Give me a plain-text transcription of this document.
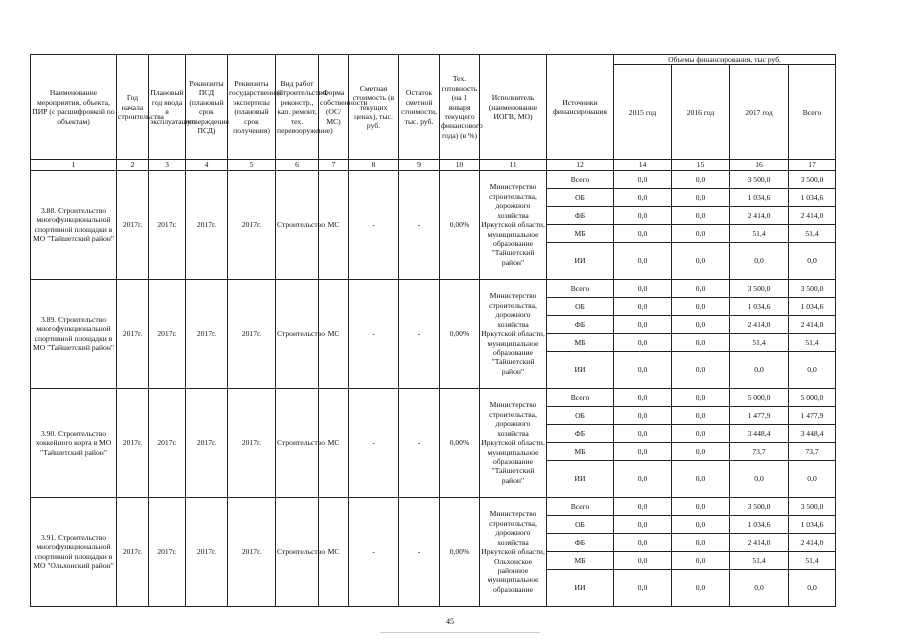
Наименование мероприятия, объекта, ПИР (с расшифровкой по объектам)	Год начала строительства	Плановый год ввода в эксплуатацию	Реквизиты ПСД (плановый срок утверждения ПСД)	Реквизиты государственной экспертизы (плановый срок получения)	Вид работ (строительство, реконстр., кап. ремонт, тех. перевооружение)	Форма собственности (ОС/МС)	Сметная стоимость (в текущих ценах), тыс. руб.	Остаток сметной стоимости, тыс. руб.	Тех. готовность (на 1 января текущего финансового года) (в %)	Исполнитель (наименование ИОГВ, МО)	Источники финансирования	Объемы финансирования, тыс руб.			
												2015 год	2016 год	2017 год	Всего
1	2	3	4	5	6	7	8	9	10	11	12	14	15	16	17
3.88. Строительство многофункциональной спортивной площадки в МО "Тайшетский район"	2017г.	2017г.	2017г.	2017г.	Строительство	МС	-	-	0,00%	Министерство строительства, дорожного хозяйства Иркутской области, муниципальное образование "Тайшетский район"	Всего	0,0	0,0	3 500,0	3 500,0
											ОБ	0,0	0,0	1 034,6	1 034,6
											ФБ	0,0	0,0	2 414,0	2 414,0
											МБ	0,0	0,0	51,4	51,4
											ИИ	0,0	0,0	0,0	0,0
3.89. Строительство многофункциональной спортивной площадки в МО "Тайшетский район"	2017г.	2017г.	2017г.	2017г.	Строительство	МС	-	-	0,00%	Министерство строительства, дорожного хозяйства Иркутской области, муниципальное образование "Тайшетский район"	Всего	0,0	0,0	3 500,0	3 500,0
											ОБ	0,0	0,0	1 034,6	1 034,6
											ФБ	0,0	0,0	2 414,0	2 414,0
											МБ	0,0	0,0	51,4	51,4
											ИИ	0,0	0,0	0,0	0,0
3.90. Строительство хоккейного корта в МО "Тайшетский район"	2017г.	2017г.	2017г.	2017г.	Строительство	МС	-	-	0,00%	Министерство строительства, дорожного хозяйства Иркутской области, муниципальное образование "Тайшетский район"	Всего	0,0	0,0	5 000,0	5 000,0
											ОБ	0,0	0,0	1 477,9	1 477,9
											ФБ	0,0	0,0	3 448,4	3 448,4
											МБ	0,0	0,0	73,7	73,7
											ИИ	0,0	0,0	0,0	0,0
3.91. Строительство многофункциональной спортивной площадки в МО "Ольхонский район"	2017г.	2017г.	2017г.	2017г.	Строительство	МС	-	-	0,00%	Министерство строительства, дорожного хозяйства Иркутской области, Ольхонское районное муниципальное образование	Всего	0,0	0,0	3 500,0	3 500,0
											ОБ	0,0	0,0	1 034,6	1 034,6
											ФБ	0,0	0,0	2 414,0	2 414,0
											МБ	0,0	0,0	51,4	51,4
											ИИ	0,0	0,0	0,0	0,0
45
